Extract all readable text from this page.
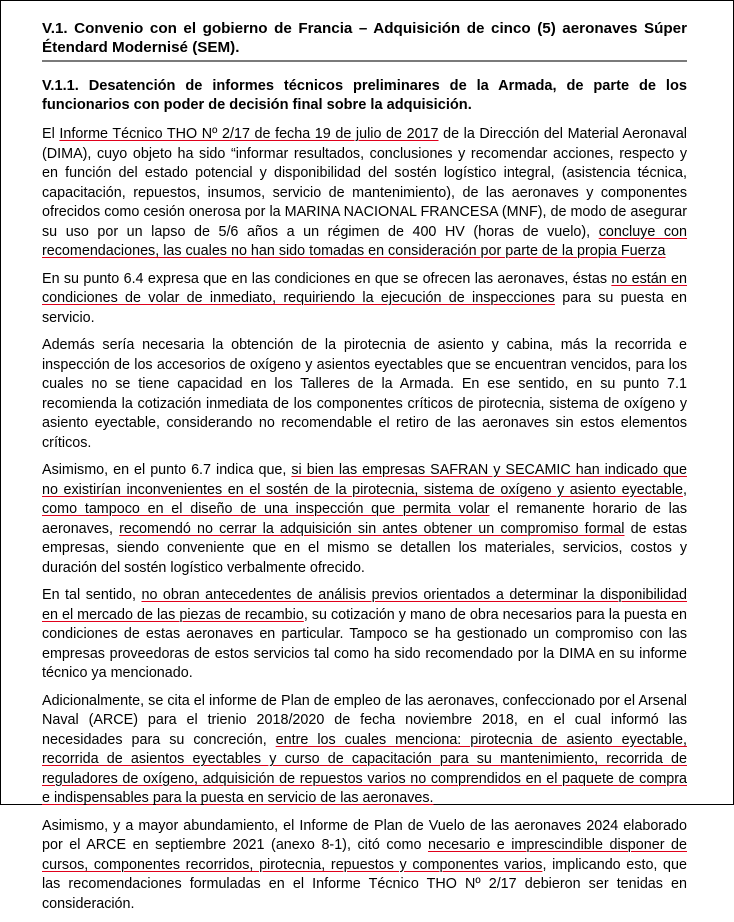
V.1. Convenio con el gobierno de Francia – Adquisición de cinco (5) aeronaves Súper Étendard Modernisé (SEM).
V.1.1. Desatención de informes técnicos preliminares de la Armada, de parte de los funcionarios con poder de decisión final sobre la adquisición.

El Informe Técnico THO Nº 2/17 de fecha 19 de julio de 2017 de la Dirección del Material Aeronaval (DIMA), cuyo objeto ha sido “informar resultados, conclusiones y recomendar acciones, respecto y en función del estado potencial y disponibilidad del sostén logístico integral, (asistencia técnica, capacitación, repuestos, insumos, servicio de mantenimiento), de las aeronaves y componentes ofrecidos como cesión onerosa por la MARINA NACIONAL FRANCESA (MNF), de modo de asegurar su uso por un lapso de 5/6 años a un régimen de 400 HV (horas de vuelo), concluye con recomendaciones, las cuales no han sido tomadas en consideración por parte de la propia Fuerza

En su punto 6.4 expresa que en las condiciones en que se ofrecen las aeronaves, éstas no están en condiciones de volar de inmediato, requiriendo la ejecución de inspecciones para su puesta en servicio.

Además sería necesaria la obtención de la pirotecnia de asiento y cabina, más la recorrida e inspección de los accesorios de oxígeno y asientos eyectables que se encuentran vencidos, para los cuales no se tiene capacidad en los Talleres de la Armada. En ese sentido, en su punto 7.1 recomienda la cotización inmediata de los componentes críticos de pirotecnia, sistema de oxígeno y asiento eyectable, considerando no recomendable el retiro de las aeronaves sin estos elementos críticos.

Asimismo, en el punto 6.7 indica que, si bien las empresas SAFRAN y SECAMIC han indicado que no existirían inconvenientes en el sostén de la pirotecnia, sistema de oxígeno y asiento eyectable, como tampoco en el diseño de una inspección que permita volar el remanente horario de las aeronaves, recomendó no cerrar la adquisición sin antes obtener un compromiso formal de estas empresas, siendo conveniente que en el mismo se detallen los materiales, servicios, costos y duración del sostén logístico verbalmente ofrecido.

En tal sentido, no obran antecedentes de análisis previos orientados a determinar la disponibilidad en el mercado de las piezas de recambio, su cotización y mano de obra necesarios para la puesta en condiciones de estas aeronaves en particular. Tampoco se ha gestionado un compromiso con las empresas proveedoras de estos servicios tal como ha sido recomendado por la DIMA en su informe técnico ya mencionado.

Adicionalmente, se cita el informe de Plan de empleo de las aeronaves, confeccionado por el Arsenal Naval (ARCE) para el trienio 2018/2020 de fecha noviembre 2018, en el cual informó las necesidades para su concreción, entre los cuales menciona: pirotecnia de asiento eyectable, recorrida de asientos eyectables y curso de capacitación para su mantenimiento, recorrida de reguladores de oxígeno, adquisición de repuestos varios no comprendidos en el paquete de compra e indispensables para la puesta en servicio de las aeronaves.

Asimismo, y a mayor abundamiento, el Informe de Plan de Vuelo de las aeronaves 2024 elaborado por el ARCE en septiembre 2021 (anexo 8-1), citó como necesario e imprescindible disponer de cursos, componentes recorridos, pirotecnia, repuestos y componentes varios, implicando esto, que las recomendaciones formuladas en el Informe Técnico THO Nº 2/17 debieron ser tenidas en consideración.
